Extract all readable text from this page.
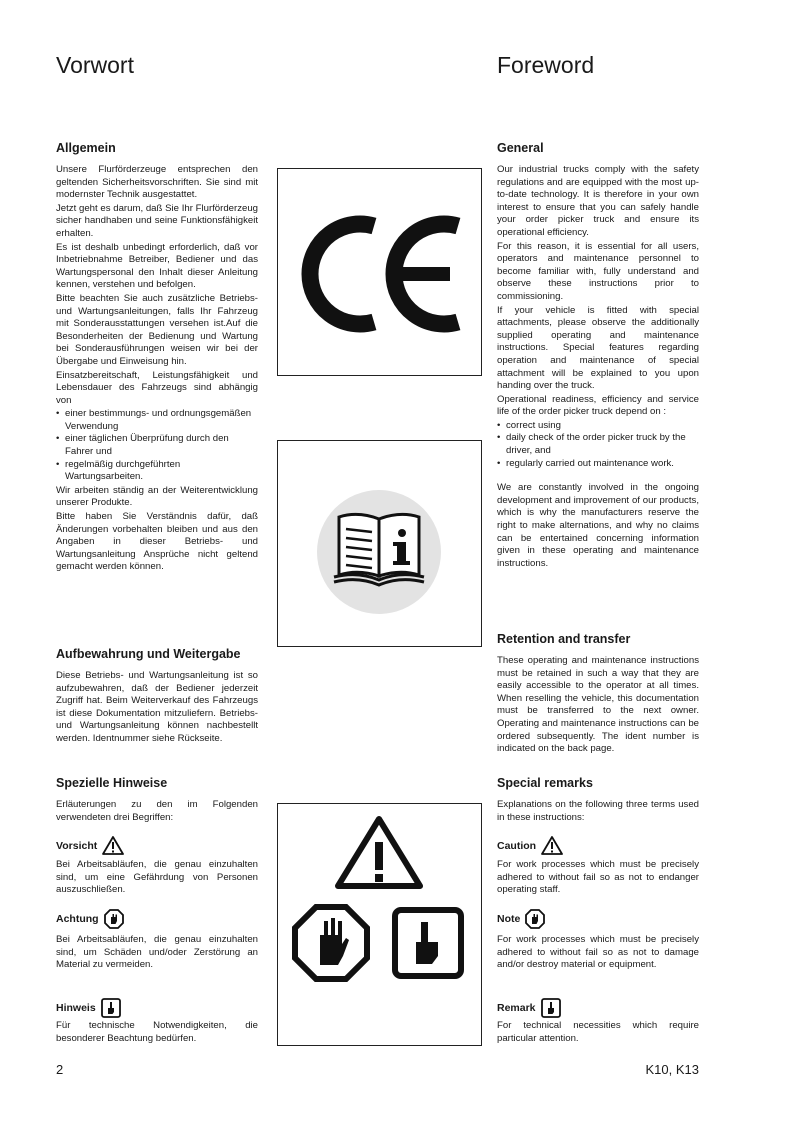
Vorwort	Foreword
Allgemein

Unsere Flurförderzeuge entsprechen den geltenden Sicherheitsvorschriften. Sie sind mit modernster Technik ausgestattet.

Jetzt geht es darum, daß Sie Ihr Flurförderzeug sicher handhaben und seine Funktionsfähigkeit erhalten.

Es ist deshalb unbedingt erforderlich, daß vor Inbetriebnahme Betreiber, Bediener und das Wartungspersonal den Inhalt dieser Anleitung kennen, verstehen und befolgen.

Bitte beachten Sie auch zusätzliche Betriebs- und Wartungsanleitungen, falls Ihr Fahrzeug mit Sonderausstattungen versehen ist.Auf die Besonderheiten der Bedienung und Wartung bei Sonderausführungen weisen wir bei der Übergabe und Einweisung hin.

Einsatzbereitschaft, Leistungsfähigkeit und Lebensdauer des Fahrzeugs sind abhängig von

• einer bestimmungs- und ordnungsgemäßen Verwendung
• einer täglichen Überprüfung durch den Fahrer und
• regelmäßig durchgeführten Wartungsarbeiten.

Wir arbeiten ständig an der Weiterentwicklung unserer Produkte.

Bitte haben Sie Verständnis dafür, daß Änderungen vorbehalten bleiben und aus den Angaben in dieser Betriebs- und Wartungsanleitung Ansprüche nicht geltend gemacht werden können.

Aufbewahrung und Weitergabe

Diese Betriebs- und Wartungsanleitung ist so aufzubewahren, daß der Bediener jederzeit Zugriff hat. Beim Weiterverkauf des Fahrzeugs ist diese Dokumentation mitzuliefern. Betriebs- und Wartungsanleitung können nachbestellt werden. Identnummer siehe Rückseite.

Spezielle Hinweise

Erläuterungen zu den im Folgenden verwendeten drei Begriffen:

Vorsicht

Bei Arbeitsabläufen, die genau einzuhalten sind, um eine Gefährdung von Personen auszuschließen.

Achtung

Bei Arbeitsabläufen, die genau einzuhalten sind, um Schäden und/oder Zerstörung an Material zu vermeiden.

Hinweis

Für technische Notwendigkeiten, die besonderer Beachtung bedürfen.

General

Our industrial trucks comply with the safety regulations and are equipped with the most up-to-date technology. It is therefore in your own interest to ensure that you can safely handle your order picker truck and ensure its operational efficiency.

For this reason, it is essential for all users, operators and maintenance personnel to become familiar with, fully understand and observe these instructions prior to commissioning.

If your vehicle is fitted with special attachments, please observe the additionally supplied operating and maintenance instructions. Special features regarding operation and maintenance of special attachment will be explained to you upon handing over the truck.

Operational readiness, efficiency and service life of the order picker truck depend on :

• correct using
• daily check of the order picker truck by the driver, and
• regularly carried out maintenance work.

We are constantly involved in the ongoing development and improvement of our products, which is why the manufacturers reserve the right to make alternations, and why no claims can be entertained concerning information given in these operating and maintenance instructions.

Retention and transfer

These operating and maintenance instructions must be retained in such a way that they are easily accessible to the operator at all times. When reselling the vehicle, this documentation must be transferred to the next owner. Operating and maintenance instructions can be ordered subsequently. The ident number is indicated on the back page.

Special remarks

Explanations on the following three terms used in these instructions:

Caution

For work processes which must be precisely adhered to without fail so as not to endanger operating staff.

Note

For work processes which must be precisely adhered to without fail so as not to damage and/or destroy material or equipment.

Remark

For technical necessities which require particular attention.

2	K10, K13
